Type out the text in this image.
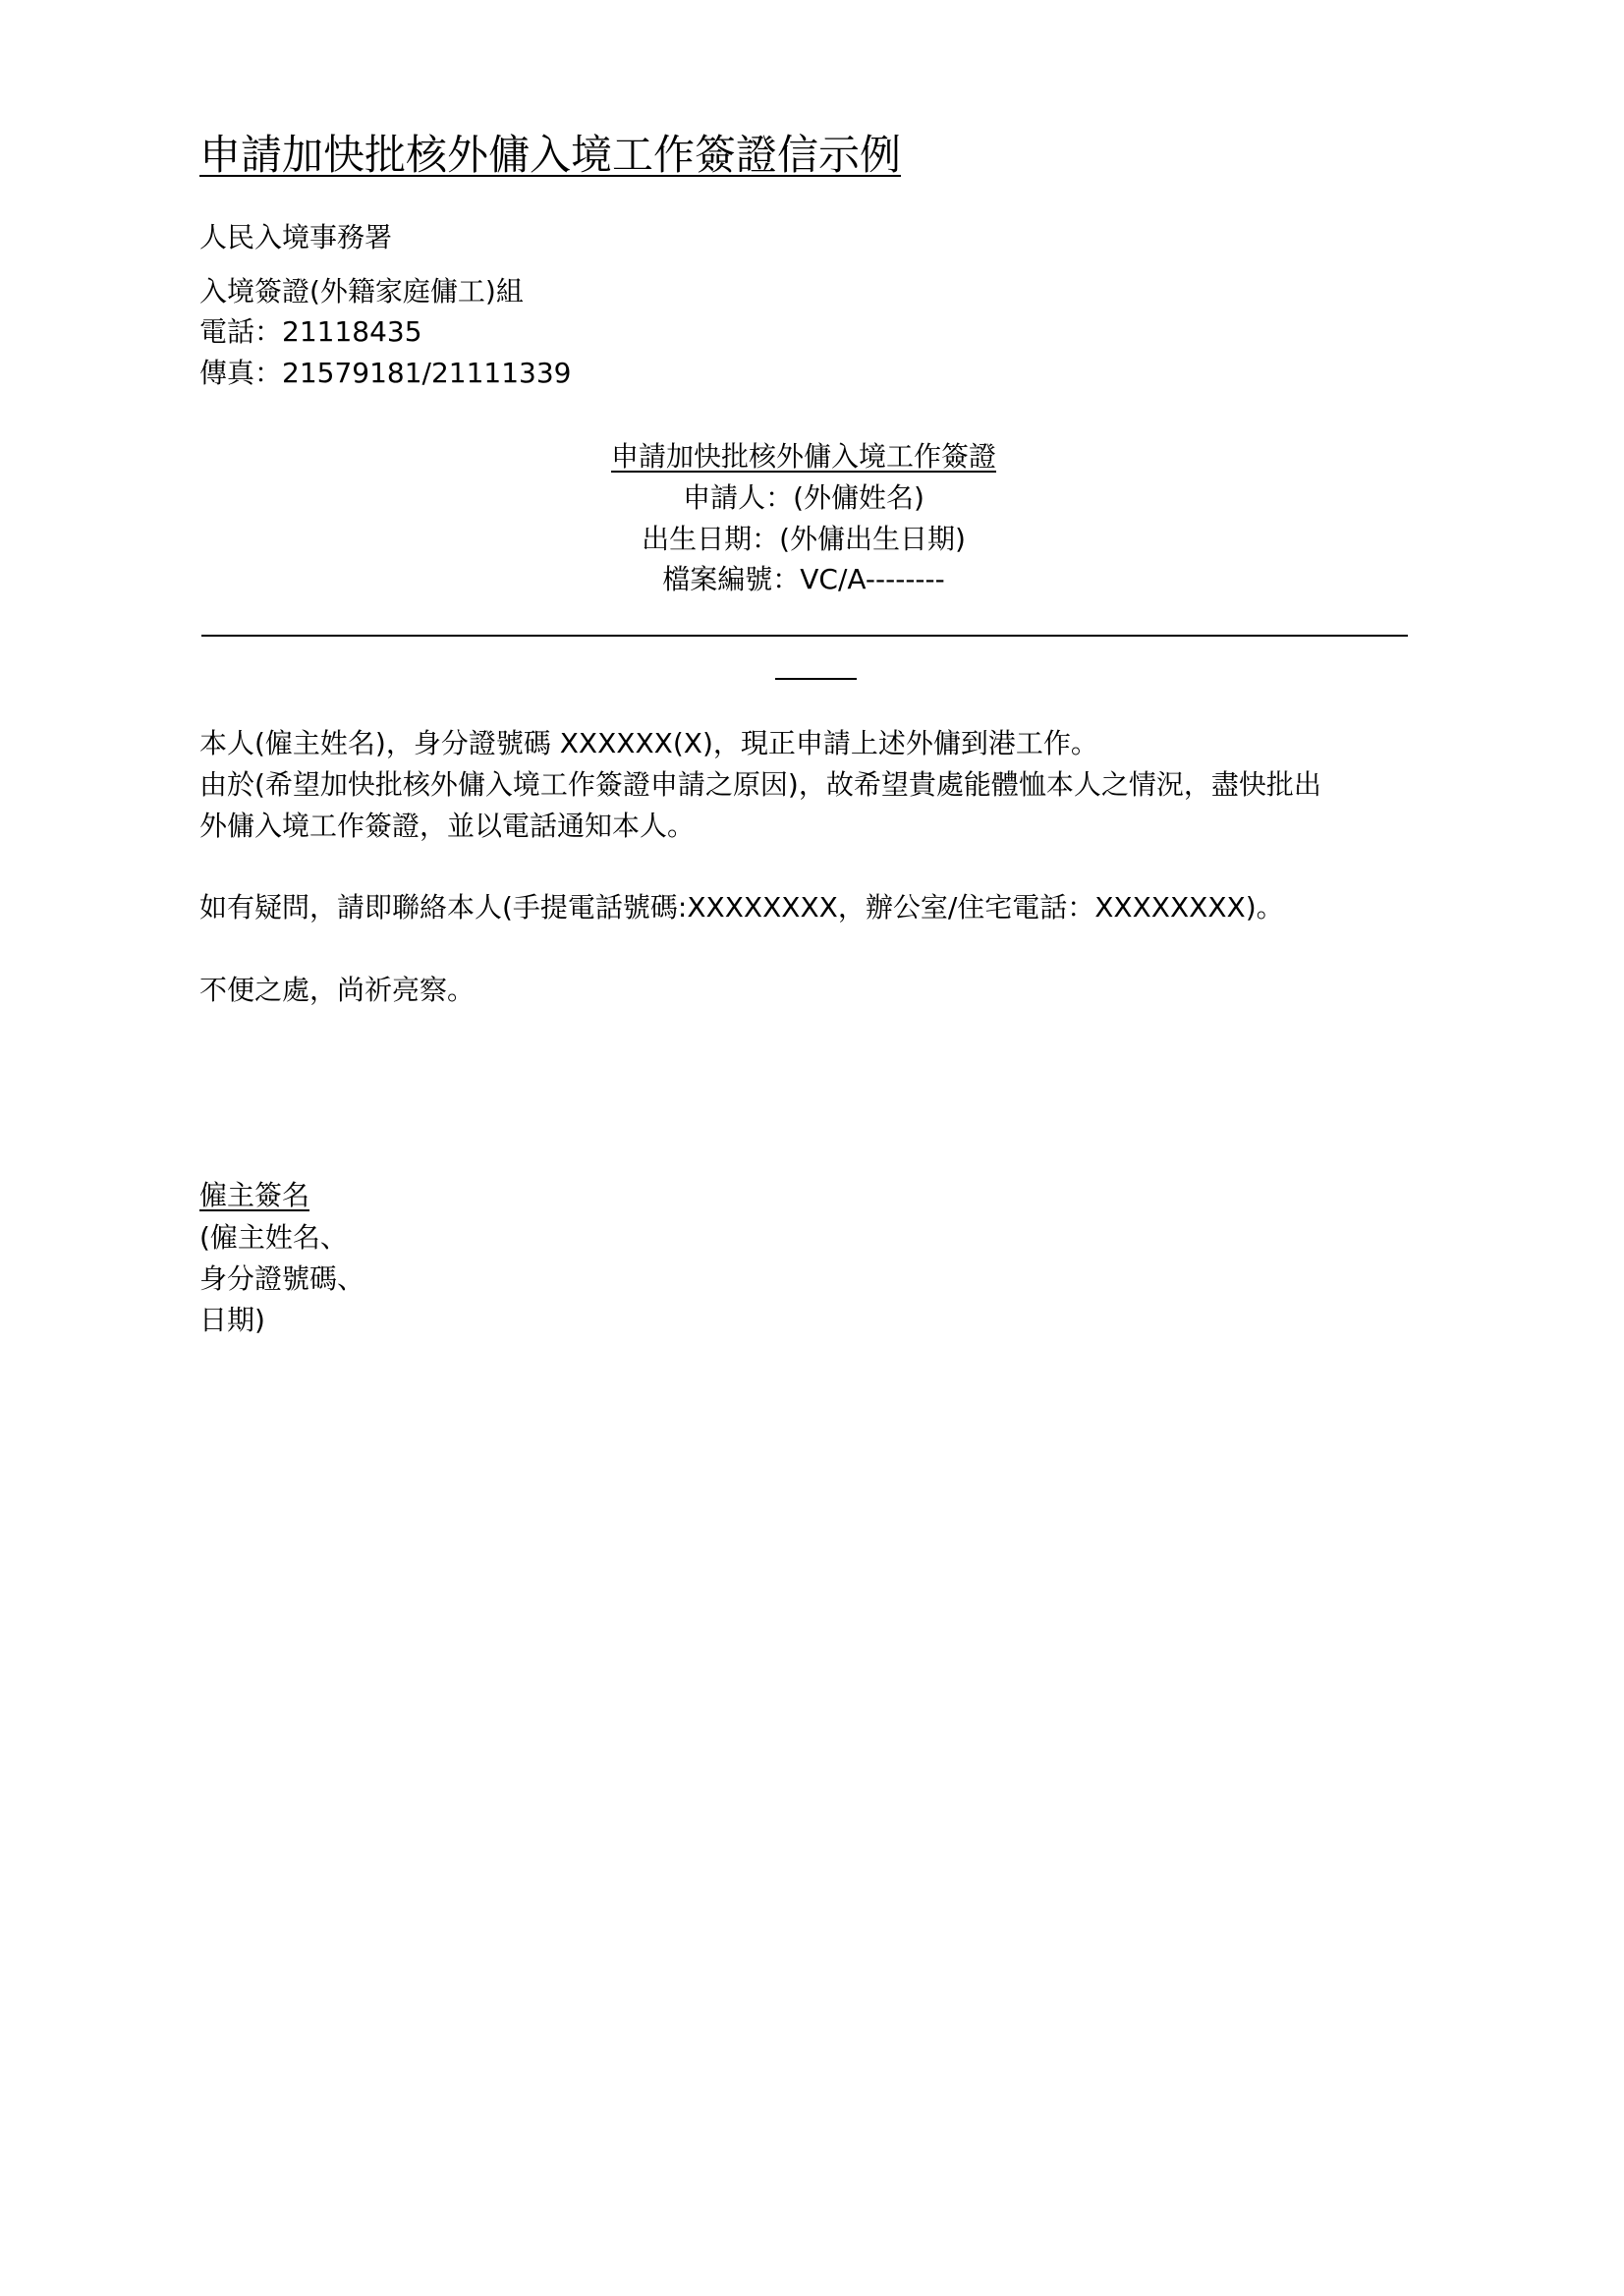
申請加快批核外傭入境工作簽證信示例
人民入境事務署
入境簽證(外籍家庭傭工)組
電話：21118435
傳真：21579181/21111339
申請加快批核外傭入境工作簽證
申請人：(外傭姓名)
出生日期：(外傭出生日期)
檔案編號：VC/A--------
本人(僱主姓名)，身分證號碼 XXXXXX(X)，現正申請上述外傭到港工作。
由於(希望加快批核外傭入境工作簽證申請之原因)，故希望貴處能體恤本人之情況，盡快批出
外傭入境工作簽證，並以電話通知本人。
如有疑問，請即聯絡本人(手提電話號碼:XXXXXXXX，辦公室/住宅電話：XXXXXXXX)。
不便之處，尚祈亮察。
僱主簽名
(僱主姓名、
身分證號碼、
日期)
